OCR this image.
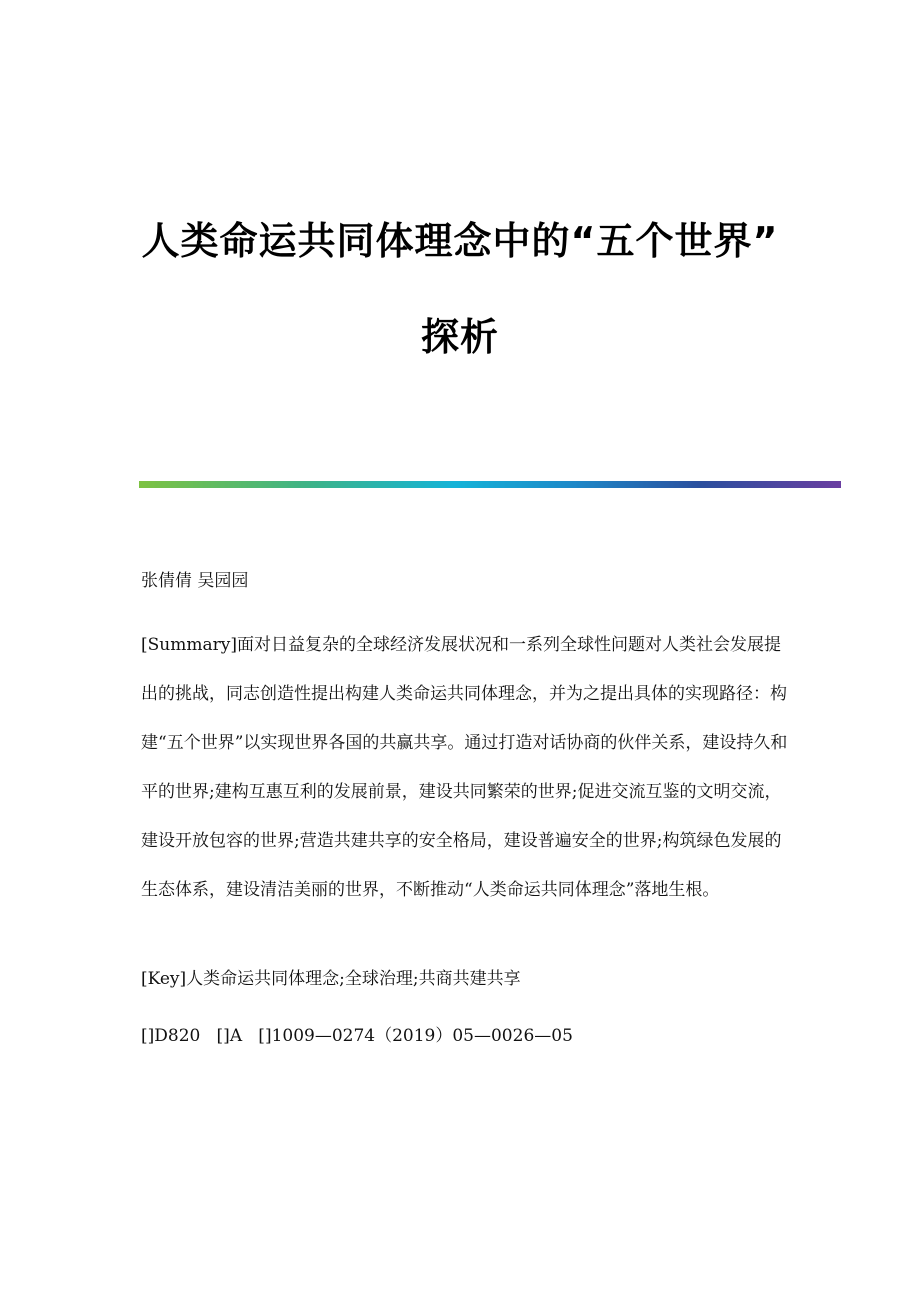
人类命运共同体理念中的“五个世界”
探析

张倩倩 吴园园

[Summary]面对日益复杂的全球经济发展状况和一系列全球性问题对人类社会发展提出的挑战，同志创造性提出构建人类命运共同体理念，并为之提出具体的实现路径：构建“五个世界”以实现世界各国的共赢共享。通过打造对话协商的伙伴关系，建设持久和平的世界;建构互惠互利的发展前景，建设共同繁荣的世界;促进交流互鉴的文明交流，建设开放包容的世界;营造共建共享的安全格局，建设普遍安全的世界;构筑绿色发展的生态体系，建设清洁美丽的世界，不断推动“人类命运共同体理念”落地生根。

[Key]人类命运共同体理念;全球治理;共商共建共享

[]D820   []A   []1009—0274（2019）05—0026—05
